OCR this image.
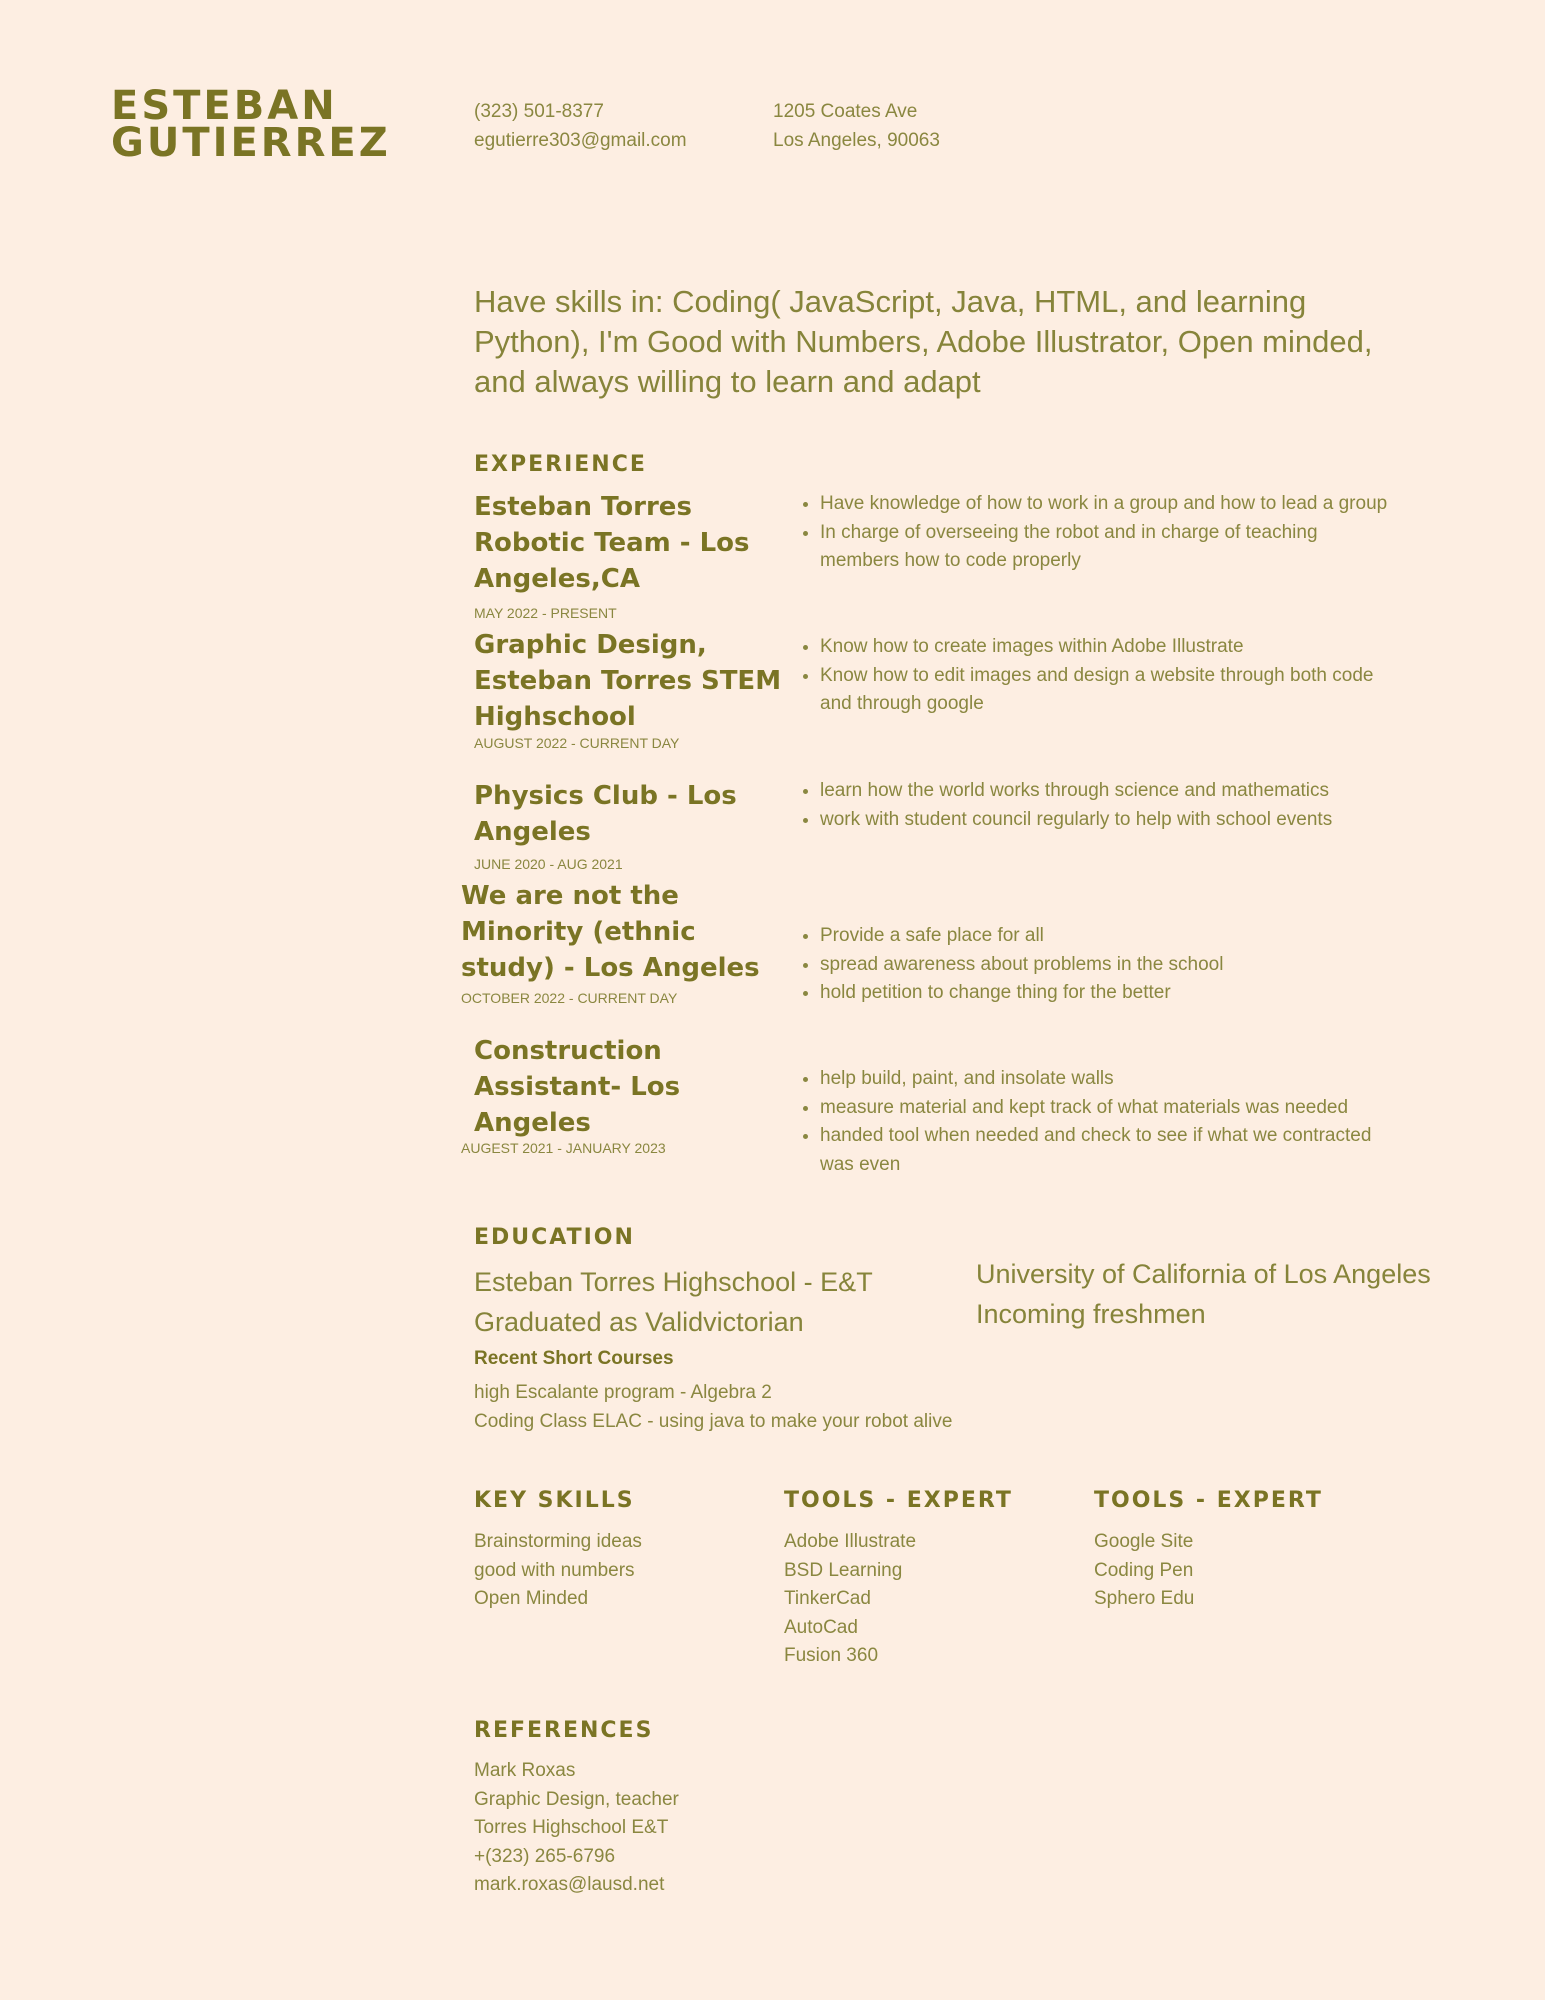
ESTEBAN
GUTIERREZ
(323) 501-8377
egutierre303@gmail.com
1205 Coates Ave
Los Angeles, 90063
Have skills in: Coding( JavaScript, Java, HTML, and learning Python), I'm Good with Numbers, Adobe Illustrator, Open minded, and always willing to learn and adapt
EXPERIENCE
Esteban Torres Robotic Team - Los Angeles,CA
MAY 2022 - PRESENT
• Have knowledge of how to work in a group and how to lead a group
• In charge of overseeing the robot and in charge of teaching members how to code properly
Graphic Design, Esteban Torres STEM Highschool
AUGUST 2022 - CURRENT DAY
• Know how to create images within Adobe Illustrate
• Know how to edit images and design a website through both code and through google
Physics Club - Los Angeles
JUNE 2020 - AUG 2021
• learn how the world works through science and mathematics
• work with student council regularly to help with school events
We are not the Minority (ethnic study) - Los Angeles
OCTOBER 2022 - CURRENT DAY
• Provide a safe place for all
• spread awareness about problems in the school
• hold petition to change thing for the better
Construction Assistant- Los Angeles
AUGEST 2021 - JANUARY 2023
• help build, paint, and insolate walls
• measure material and kept track of what materials was needed
• handed tool when needed and check to see if what we contracted was even
EDUCATION
Esteban Torres Highschool - E&T
Graduated as Validvictorian
University of California of Los Angeles
Incoming freshmen
Recent Short Courses
high Escalante program - Algebra 2
Coding Class ELAC - using java to make your robot alive
KEY SKILLS
Brainstorming ideas
good with numbers
Open Minded
TOOLS - EXPERT
Adobe Illustrate
BSD Learning
TinkerCad
AutoCad
Fusion 360
TOOLS - EXPERT
Google Site
Coding Pen
Sphero Edu
REFERENCES
Mark Roxas
Graphic Design, teacher
Torres Highschool E&T
+(323) 265-6796
mark.roxas@lausd.net
